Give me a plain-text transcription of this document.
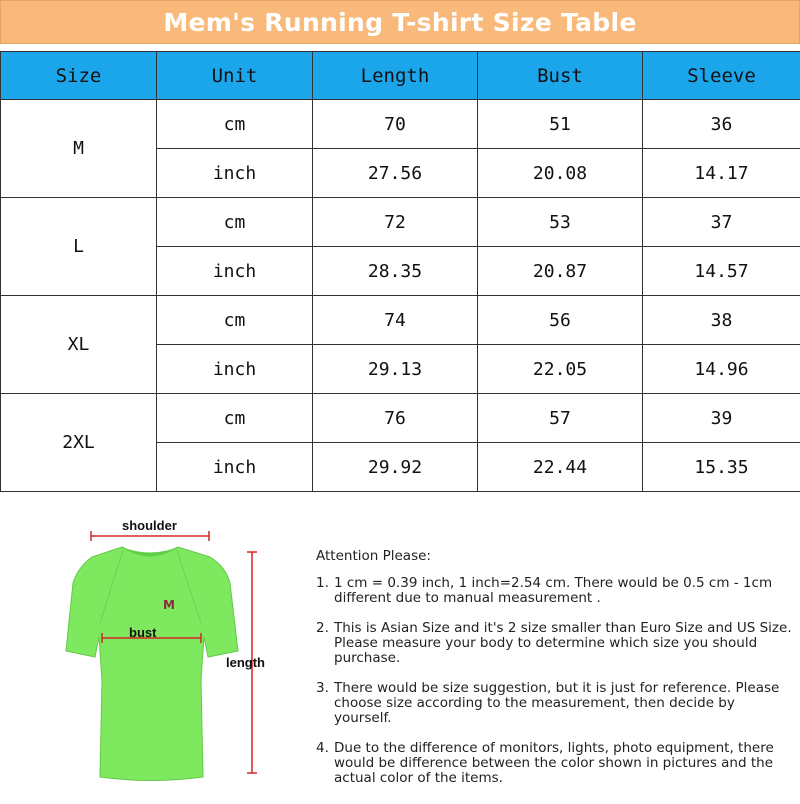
Mem's Running T-shirt Size Table
Size	Unit	Length	Bust	Sleeve
M	cm	70	51	36
	inch	27.56	20.08	14.17
L	cm	72	53	37
	inch	28.35	20.87	14.57
XL	cm	74	56	38
	inch	29.13	22.05	14.96
2XL	cm	76	57	39
	inch	29.92	22.44	15.35
M
shoulder
bust
length
Attention Please:
1. 1 cm = 0.39 inch, 1 inch=2.54 cm. There would be 0.5 cm - 1cm different due to manual measurement .
2. This is Asian Size and it's 2 size smaller than Euro Size and US Size. Please measure your body to determine which size you should purchase.
3. There would be size suggestion, but it is just for reference. Please choose size according to the measurement, then decide by yourself.
4. Due to the difference of monitors, lights, photo equipment, there would be difference between the color shown in pictures and the actual color of the items.
